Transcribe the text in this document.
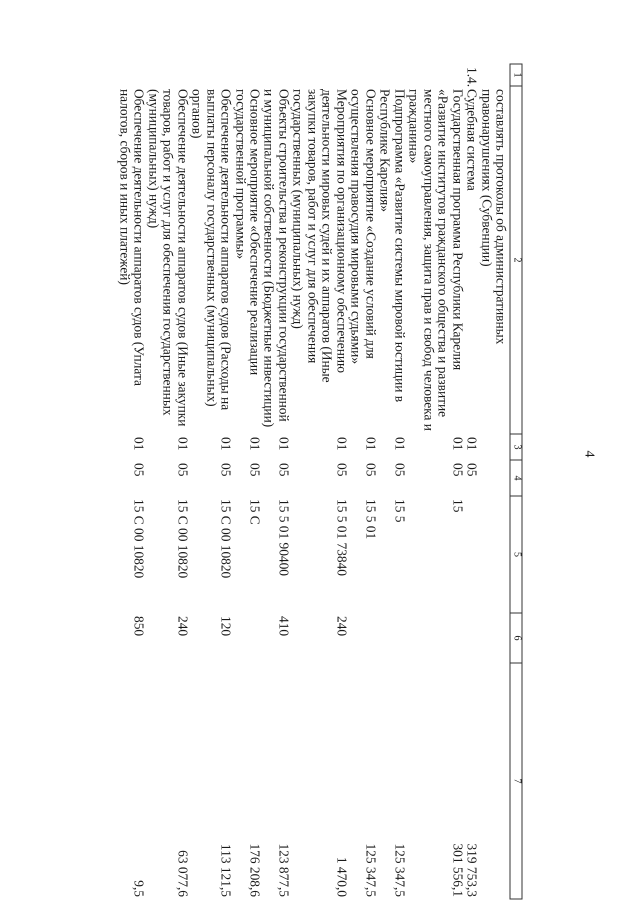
4
1	2	3	4	5	6	7
	составлять протоколы об административных правонарушениях (Субвенции)					
1.4.	Судебная система	01	05			319 753,3
	Государственная программа Республики Карелия «Развитие институтов гражданского общества и развитие местного самоуправления, защита прав и свобод человека и гражданина»	01	05	15		301 556,1
	Подпрограмма «Развитие системы мировой юстиции в Республике Карелия»	01	05	15 5		125 347,5
	Основное мероприятие «Создание условий для осуществления правосудия мировыми судьями»	01	05	15 5 01		125 347,5
	Мероприятия по организационному обеспечению деятельности мировых судей и их аппаратов (Иные закупки товаров, работ и услуг для обеспечения государственных (муниципальных) нужд)	01	05	15 5 01 73840	240	1 470,0
	Объекты строительства и реконструкции государственной и муниципальной собственности (Бюджетные инвестиции)	01	05	15 5 01 90400	410	123 877,5
	Основное мероприятие «Обеспечение реализации государственной программы»	01	05	15 С		176 208,6
	Обеспечение деятельности аппаратов судов (Расходы на выплаты персоналу государственных (муниципальных) органов)	01	05	15 С 00 10820	120	113 121,5
	Обеспечение деятельности аппаратов судов (Иные закупки товаров, работ и услуг для обеспечения государственных (муниципальных) нужд)	01	05	15 С 00 10820	240	63 077,6
	Обеспечение деятельности аппаратов судов (Уплата налогов, сборов и иных платежей)	01	05	15 С 00 10820	850	9,5
